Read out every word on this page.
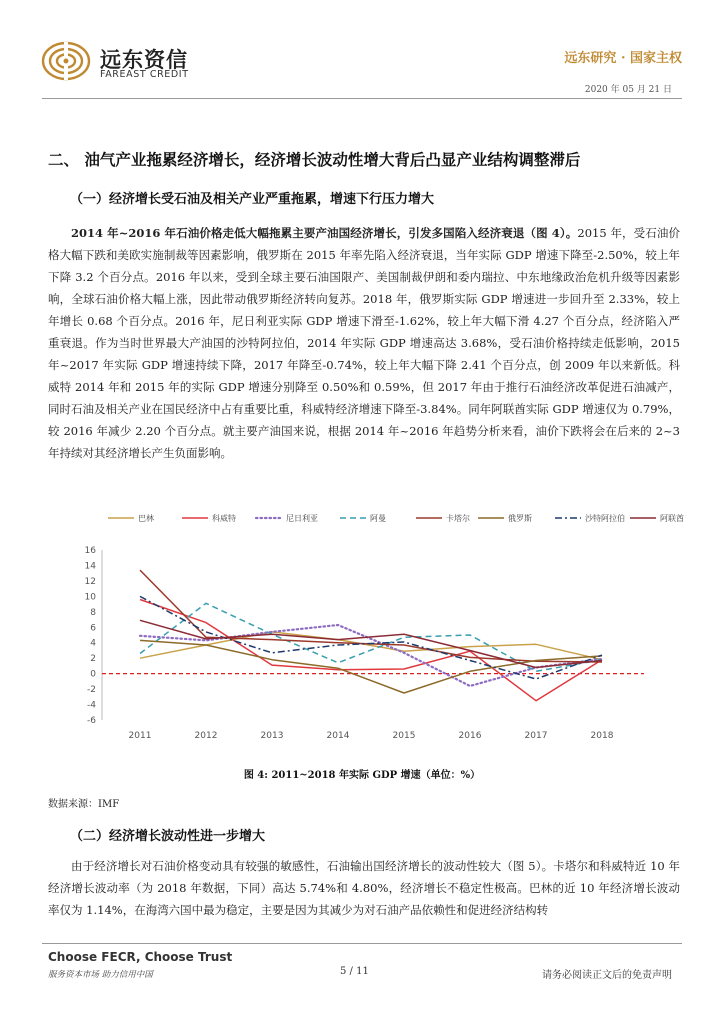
远东资信
FAREAST CREDIT
远东研究 · 国家主权
2020 年 05 月 21 日
二、 油气产业拖累经济增长，经济增长波动性增大背后凸显产业结构调整滞后
（一）经济增长受石油及相关产业严重拖累，增速下行压力增大

2014 年~2016 年石油价格走低大幅拖累主要产油国经济增长，引发多国陷入经济衰退（图 4）。2015 年，受石油价格大幅下跌和美欧实施制裁等因素影响，俄罗斯在 2015 年率先陷入经济衰退，当年实际 GDP 增速下降至-2.50%，较上年下降 3.2 个百分点。2016 年以来，受到全球主要石油国限产、美国制裁伊朗和委内瑞拉、中东地缘政治危机升级等因素影响，全球石油价格大幅上涨，因此带动俄罗斯经济转向复苏。2018 年，俄罗斯实际 GDP 增速进一步回升至 2.33%，较上年增长 0.68 个百分点。2016 年，尼日利亚实际 GDP 增速下滑至-1.62%，较上年大幅下滑 4.27 个百分点，经济陷入严重衰退。作为当时世界最大产油国的沙特阿拉伯，2014 年实际 GDP 增速高达 3.68%，受石油价格持续走低影响，2015 年~2017 年实际 GDP 增速持续下降，2017 年降至-0.74%，较上年大幅下降 2.41 个百分点，创 2009 年以来新低。科威特 2014 年和 2015 年的实际 GDP 增速分别降至 0.50%和 0.59%，但 2017 年由于推行石油经济改革促进石油减产，同时石油及相关产业在国民经济中占有重要比重，科威特经济增速下降至-3.84%。同年阿联酋实际 GDP 增速仅为 0.79%，较 2016 年减少 2.20 个百分点。就主要产油国来说，根据 2014 年~2016 年趋势分析来看，油价下跌将会在后来的 2~3 年持续对其经济增长产生负面影响。

-6
-4
-2
0
2
4
6
8
10
12
14
16
2011	2012	2013	2014	2015	2016	2017	2018
巴林	科威特	尼日利亚	阿曼	卡塔尔	俄罗斯	沙特阿拉伯	阿联酋
图 4: 2011~2018 年实际 GDP 增速（单位：%）
数据来源：IMF
（二）经济增长波动性进一步增大

由于经济增长对石油价格变动具有较强的敏感性，石油输出国经济增长的波动性较大（图 5）。卡塔尔和科威特近 10 年经济增长波动率（为 2018 年数据，下同）高达 5.74%和 4.80%，经济增长不稳定性极高。巴林的近 10 年经济增长波动率仅为 1.14%，在海湾六国中最为稳定，主要是因为其减少为对石油产品依赖性和促进经济结构转

Choose FECR, Choose Trust
服务资本市场 助力信用中国	5 / 11	请务必阅读正文后的免责声明
